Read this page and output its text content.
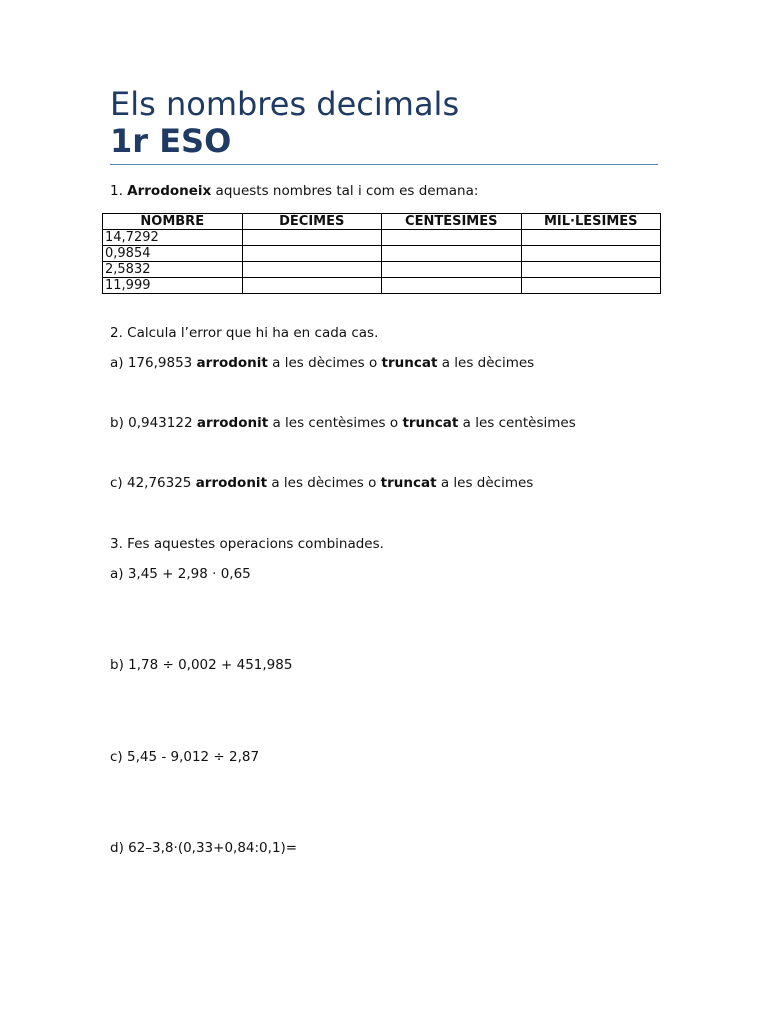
Els nombres decimals
1r ESO
1. Arrodoneix aquests nombres tal i com es demana:
NOMBRE	DÈCIMES	CENTÈSIMES	MIL·LÈSIMES
14,7292			
0,9854			
2,5832			
11,999			
2. Calcula l’error que hi ha en cada cas.
a) 176,9853 arrodonit a les dècimes o truncat a les dècimes
b) 0,943122 arrodonit a les centèsimes o truncat a les centèsimes
c) 42,76325 arrodonit a les dècimes o truncat a les dècimes
3. Fes aquestes operacions combinades.
a) 3,45 + 2,98 · 0,65
b) 1,78 ÷ 0,002 + 451,985
c) 5,45 - 9,012 ÷ 2,87
d) 62–3,8·(0,33+0,84:0,1)=
